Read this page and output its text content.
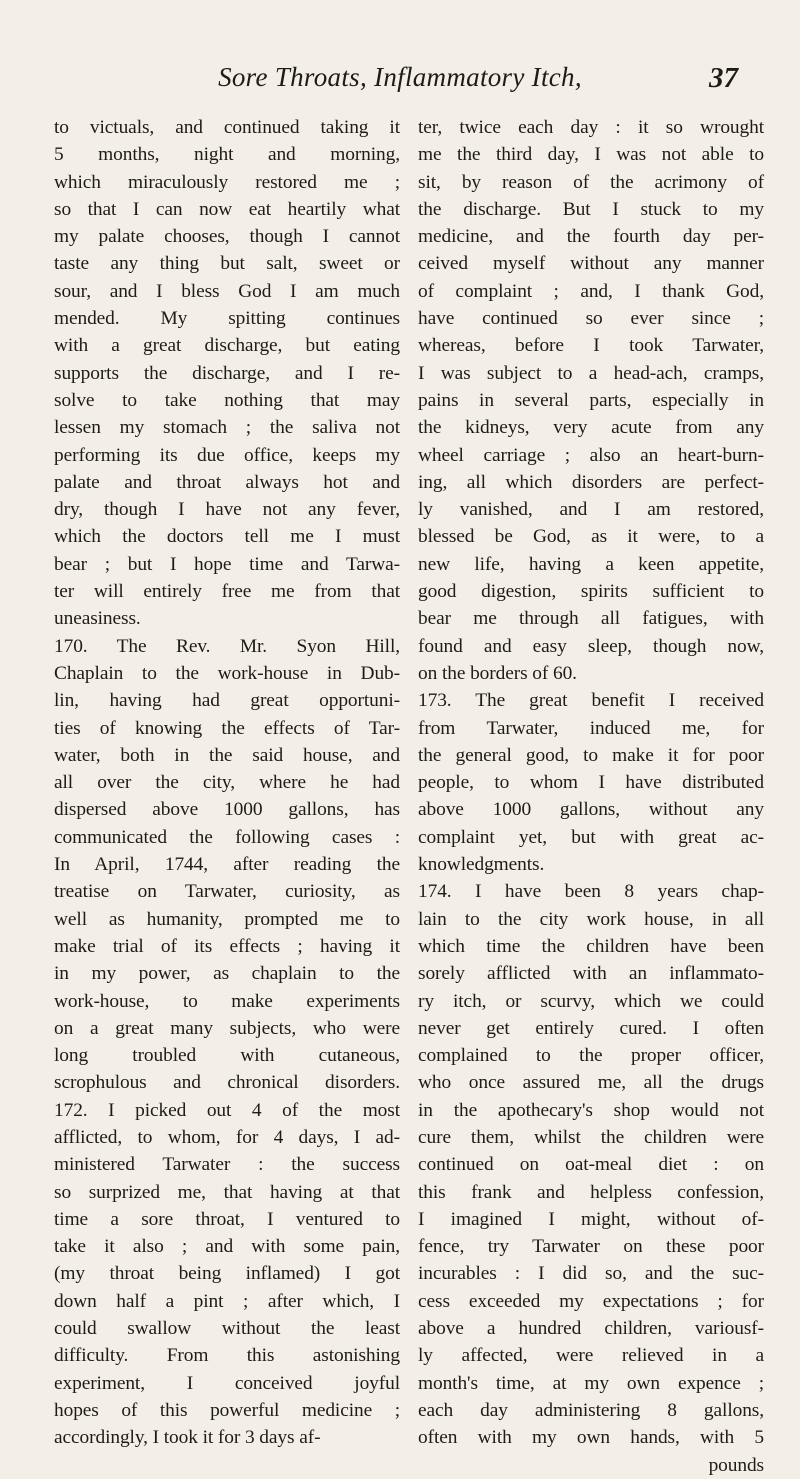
Sore Throats, Inflammatory Itch,	37
to victuals, and continued taking it
5 months, night and morning,
which miraculously restored me ;
so that I can now eat heartily what
my palate chooses, though I cannot
taste any thing but salt, sweet or
sour, and I bless God I am much
mended. My spitting continues
with a great discharge, but eating
supports the discharge, and I re-
solve to take nothing that may
lessen my stomach ; the saliva not
performing its due office, keeps my
palate and throat always hot and
dry, though I have not any fever,
which the doctors tell me I must
bear ; but I hope time and Tarwa-
ter will entirely free me from that
uneasiness.
170. The Rev. Mr. Syon Hill,
Chaplain to the work-house in Dub-
lin, having had great opportuni-
ties of knowing the effects of Tar-
water, both in the said house, and
all over the city, where he had
dispersed above 1000 gallons, has
communicated the following cases :
In April, 1744, after reading the
treatise on Tarwater, curiosity, as
well as humanity, prompted me to
make trial of its effects ; having it
in my power, as chaplain to the
work-house, to make experiments
on a great many subjects, who were
long troubled with cutaneous,
scrophulous and chronical disorders.
172. I picked out 4 of the most
afflicted, to whom, for 4 days, I ad-
ministered Tarwater : the success
so surprized me, that having at that
time a sore throat, I ventured to
take it also ; and with some pain,
(my throat being inflamed) I got
down half a pint ; after which, I
could swallow without the least
difficulty. From this astonishing
experiment, I conceived joyful
hopes of this powerful medicine ;
accordingly, I took it for 3 days af-
ter, twice each day : it so wrought
me the third day, I was not able to
sit, by reason of the acrimony of
the discharge. But I stuck to my
medicine, and the fourth day per-
ceived myself without any manner
of complaint ; and, I thank God,
have continued so ever since ;
whereas, before I took Tarwater,
I was subject to a head-ach, cramps,
pains in several parts, especially in
the kidneys, very acute from any
wheel carriage ; also an heart-burn-
ing, all which disorders are perfect-
ly vanished, and I am restored,
blessed be God, as it were, to a
new life, having a keen appetite,
good digestion, spirits sufficient to
bear me through all fatigues, with
found and easy sleep, though now,
on the borders of 60.
173. The great benefit I received
from Tarwater, induced me, for
the general good, to make it for poor
people, to whom I have distributed
above 1000 gallons, without any
complaint yet, but with great ac-
knowledgments.
174. I have been 8 years chap-
lain to the city work house, in all
which time the children have been
sorely afflicted with an inflammato-
ry itch, or scurvy, which we could
never get entirely cured. I often
complained to the proper officer,
who once assured me, all the drugs
in the apothecary's shop would not
cure them, whilst the children were
continued on oat-meal diet : on
this frank and helpless confession,
I imagined I might, without of-
fence, try Tarwater on these poor
incurables : I did so, and the suc-
cess exceeded my expectations ; for
above a hundred children, variousf-
ly affected, were relieved in a
month's time, at my own expence ;
each day administering 8 gallons,
often with my own hands, with 5
pounds
